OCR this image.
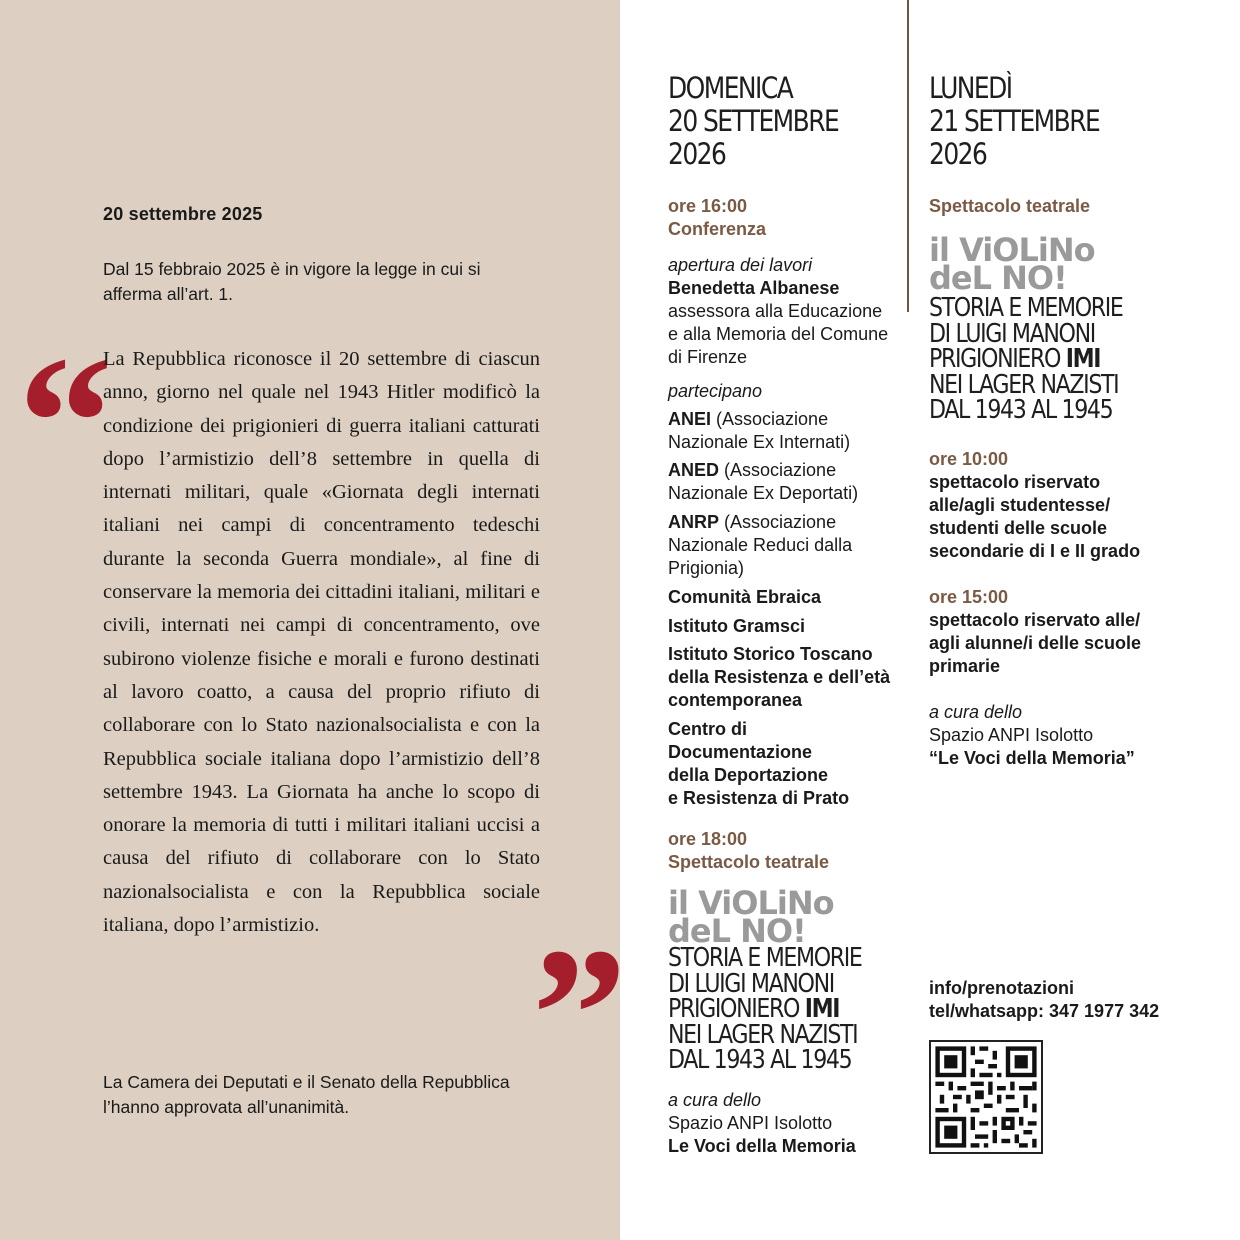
20 settembre 2025
Dal 15 febbraio 2025 è in vigore la legge in cui si afferma all’art. 1.
“
La Repubblica riconosce il 20 settembre di ciascun anno, giorno nel quale nel 1943 Hitler modificò la condizione dei prigionieri di guerra italiani catturati dopo l’armistizio dell’8 settembre in quella di internati militari, quale «Giornata degli internati italiani nei campi di concentramento tedeschi durante la seconda Guerra mondiale», al fine di conservare la memoria dei cittadini italiani, militari e civili, internati nei campi di concentramento, ove subirono violenze fisiche e morali e furono destinati al lavoro coatto, a causa del proprio rifiuto di collaborare con lo Stato nazionalsocialista e con la Repubblica sociale italiana dopo l’armistizio dell’8 settembre 1943. La Giornata ha anche lo scopo di onorare la memoria di tutti i militari italiani uccisi a causa del rifiuto di collaborare con lo Stato nazionalsocialista e con la Repubblica sociale italiana, dopo l’armistizio.	”
La Camera dei Deputati e il Senato della Repubblica
l’hanno approvata all’unanimità.
DOMENICA
20 SETTEMBRE
2026
ore 16:00
Conferenza
apertura dei lavori
Benedetta Albanese
assessora alla Educazione
e alla Memoria del Comune
di Firenze
partecipano
ANEI (Associazione
Nazionale Ex Internati)
ANED (Associazione
Nazionale Ex Deportati)
ANRP (Associazione
Nazionale Reduci dalla
Prigionia)
Comunità Ebraica
Istituto Gramsci
Istituto Storico Toscano
della Resistenza e dell’età
contemporanea
Centro di
Documentazione
della Deportazione
e Resistenza di Prato
ore 18:00
Spettacolo teatrale
il ViOLiNo
deL NO!
STORIA E MEMORIE
DI LUIGI MANONI
PRIGIONIERO IMI
NEI LAGER NAZISTI
DAL 1943 AL 1945
a cura dello
Spazio ANPI Isolotto
Le Voci della Memoria
LUNEDÌ
21 SETTEMBRE
2026
Spettacolo teatrale
il ViOLiNo
deL NO!
STORIA E MEMORIE
DI LUIGI MANONI
PRIGIONIERO IMI
NEI LAGER NAZISTI
DAL 1943 AL 1945
ore 10:00
spettacolo riservato
alle/agli studentesse/
studenti delle scuole
secondarie di I e II grado
ore 15:00
spettacolo riservato alle/
agli alunne/i delle scuole
primarie
a cura dello
Spazio ANPI Isolotto
“Le Voci della Memoria”
info/prenotazioni
tel/whatsapp: 347 1977 342
